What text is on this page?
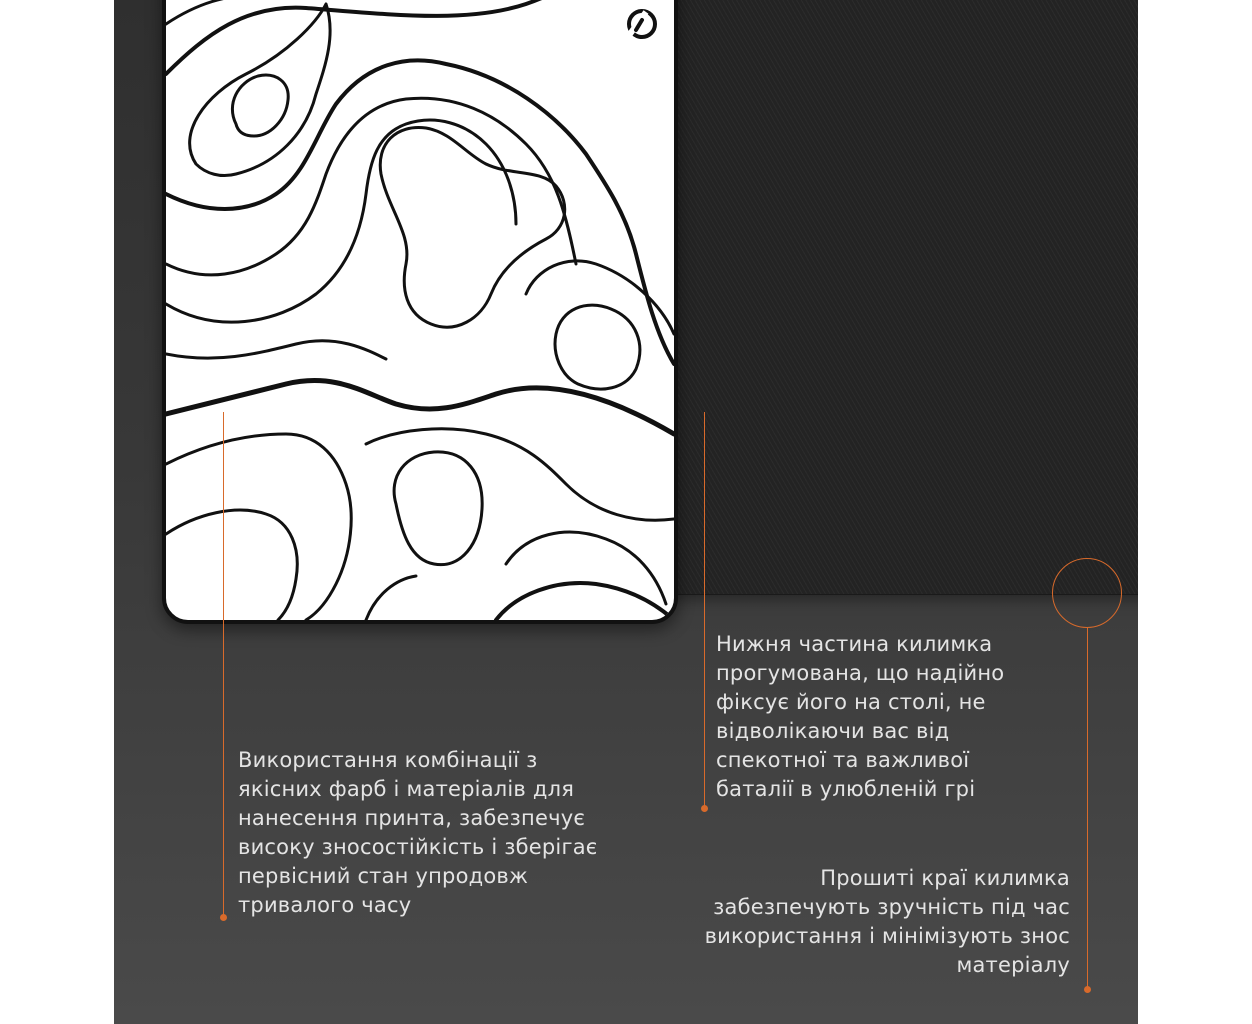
Нижня частина килимка
прогумована, що надійно
фіксує його на столі, не
відволікаючи вас від
спекотної та важливої
баталії в улюбленій грі

Використання комбінації з
якісних фарб і матеріалів для
нанесення принта, забезпечує
високу зносостійкість і зберігає
первісний стан упродовж
тривалого часу

Прошиті краї килимка
забезпечують зручність під час
використання і мінімізують знос
матеріалу
